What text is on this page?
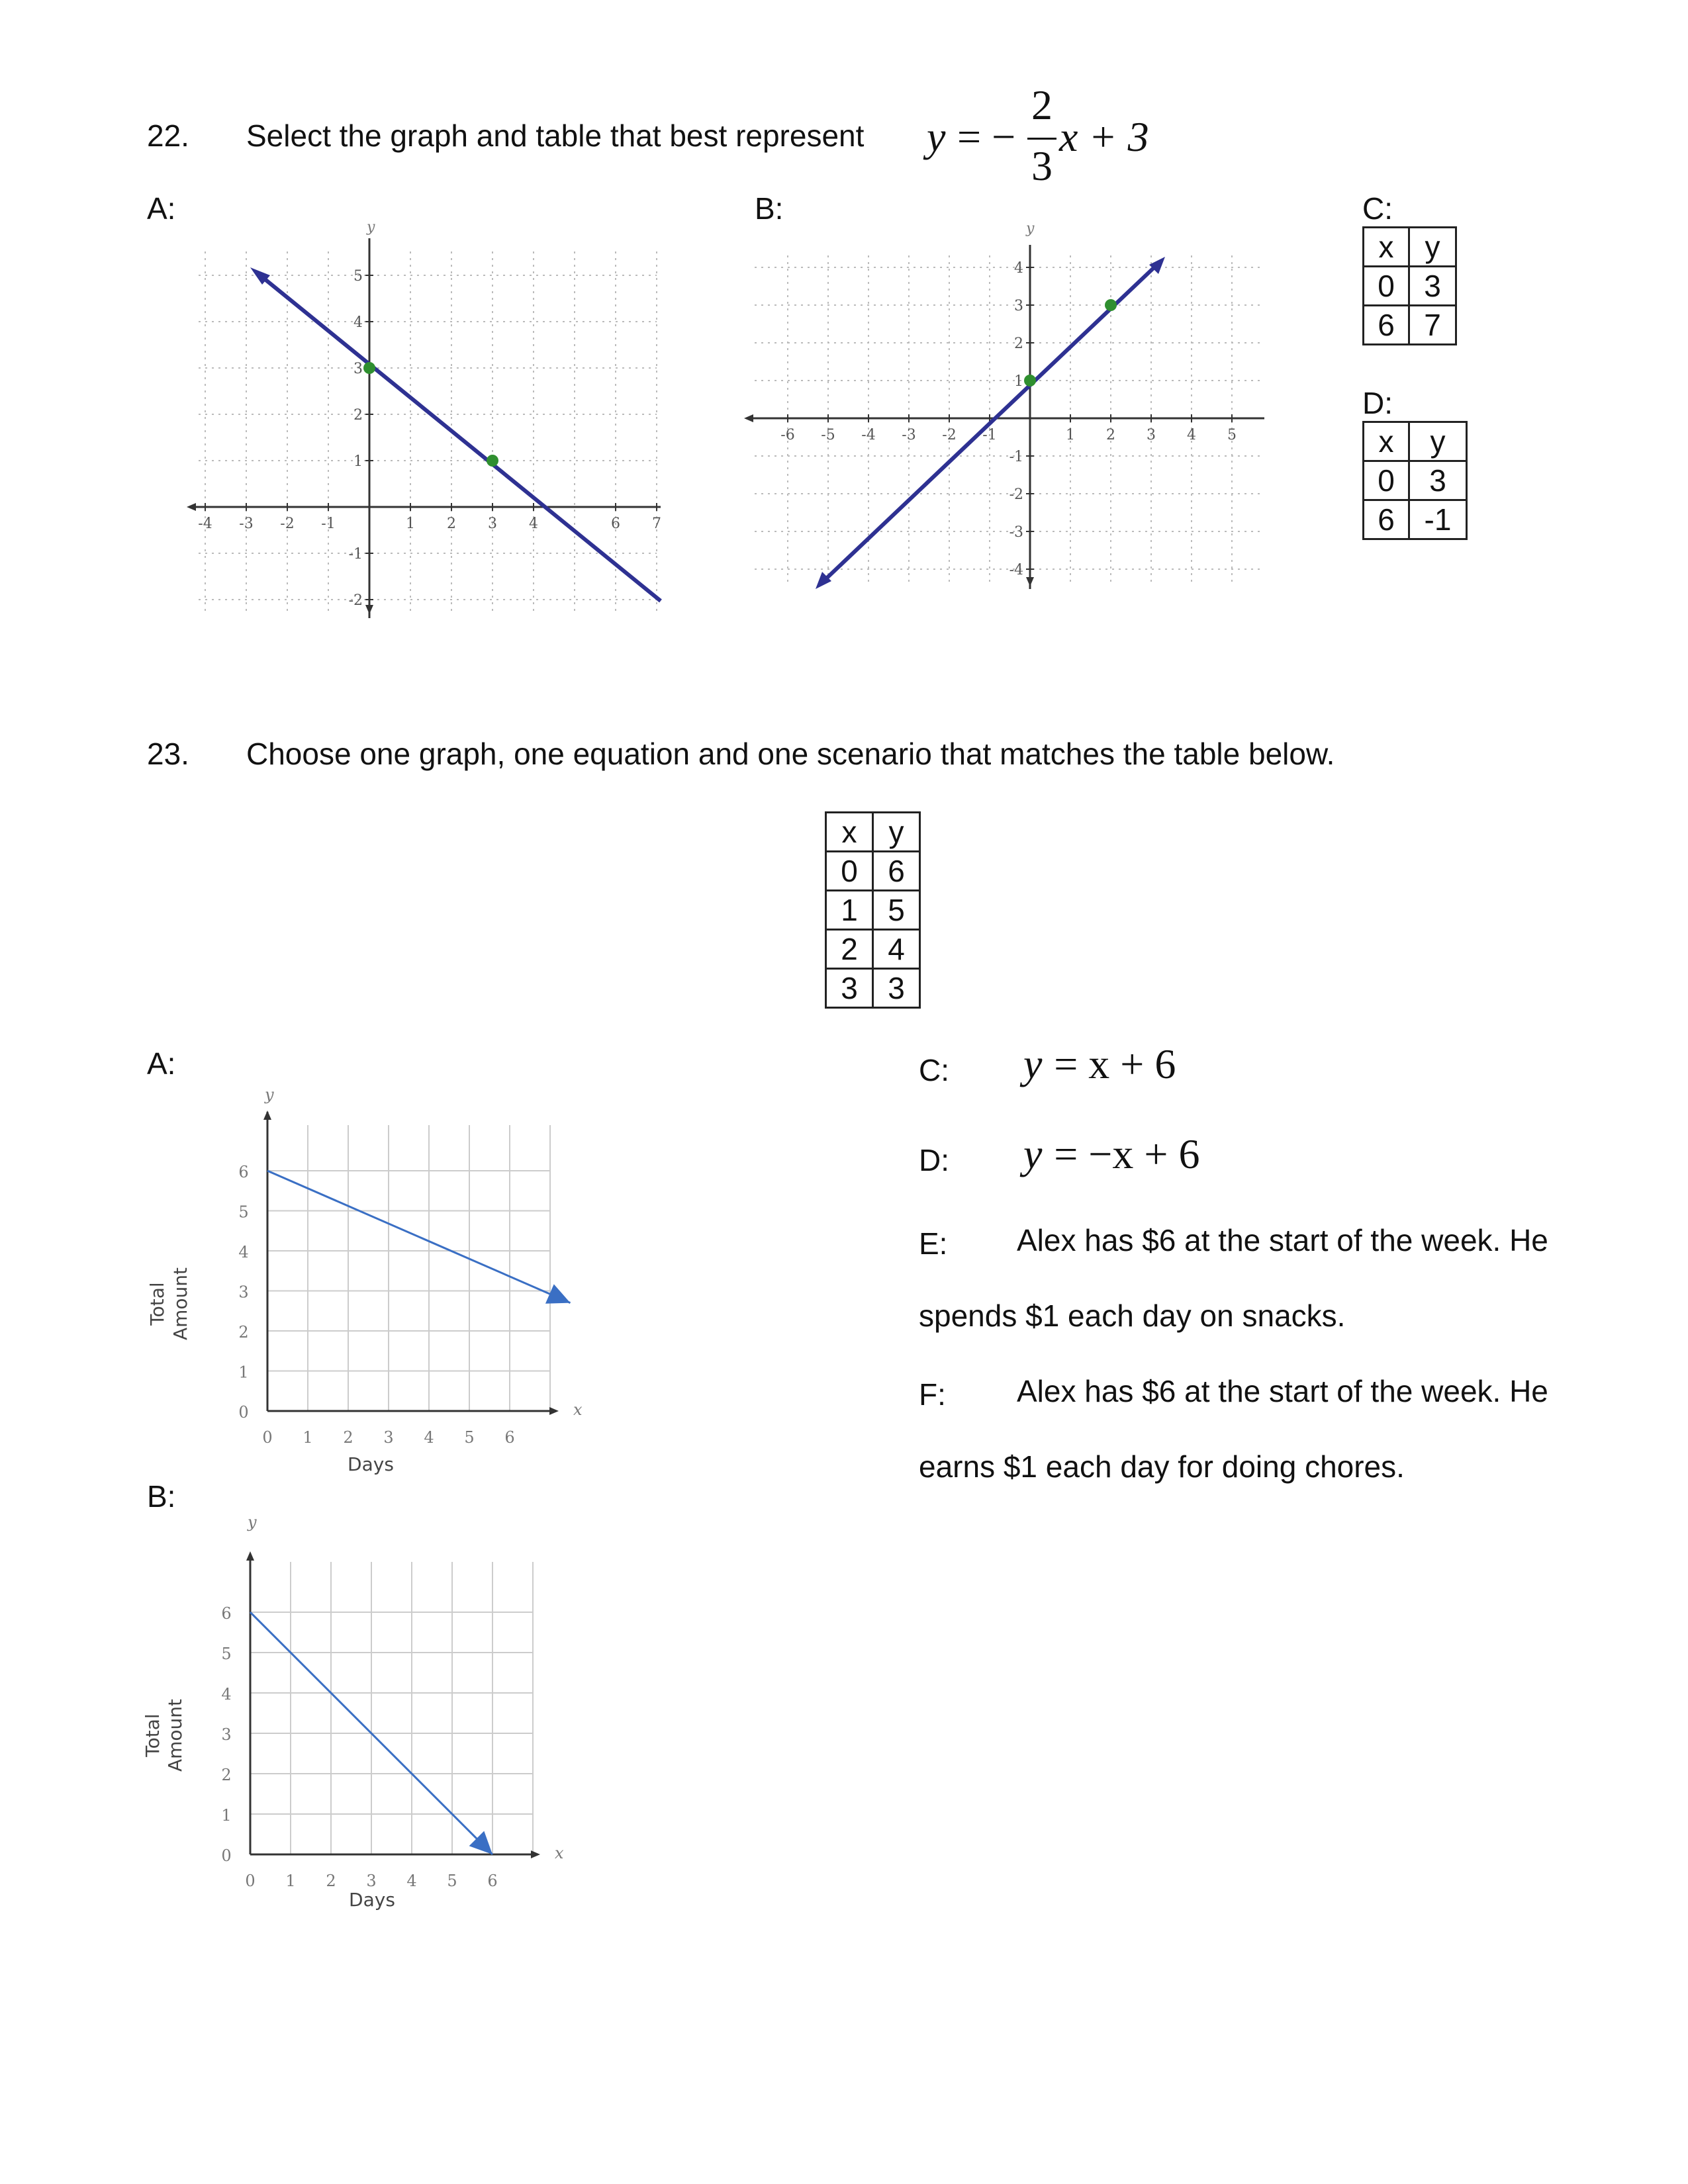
22. Select the graph and table that best represent y = −
2
3
x + 3
A:	B:	C:
D:
y
-4 -3 -2 -1	1 2 3 4	6 7
5
4
3
2
1
-1
-2
y
-6 -5 -4 -3 -2 -1	1 2 3 4 5
4
3
2
1
-1
-2
-3
-4
x	y
0	3
6	7
x	y
0	3
6	-1
23. Choose one graph, one equation and one scenario that matches the table below.
x	y
0	6
1	5
2	4
3	3
A:
B:
y
x
Total Amount
Days
0 1 2 3 4 5 6
0
1
2
3
4
5
6
y
x
Total Amount
Days
0 1 2 3 4 5 6
0
1
2
3
4
5
6
C: y = x + 6
D: y = −x + 6
E: Alex has $6 at the start of the week. He
spends $1 each day on snacks.
F: Alex has $6 at the start of the week. He
earns $1 each day for doing chores.
